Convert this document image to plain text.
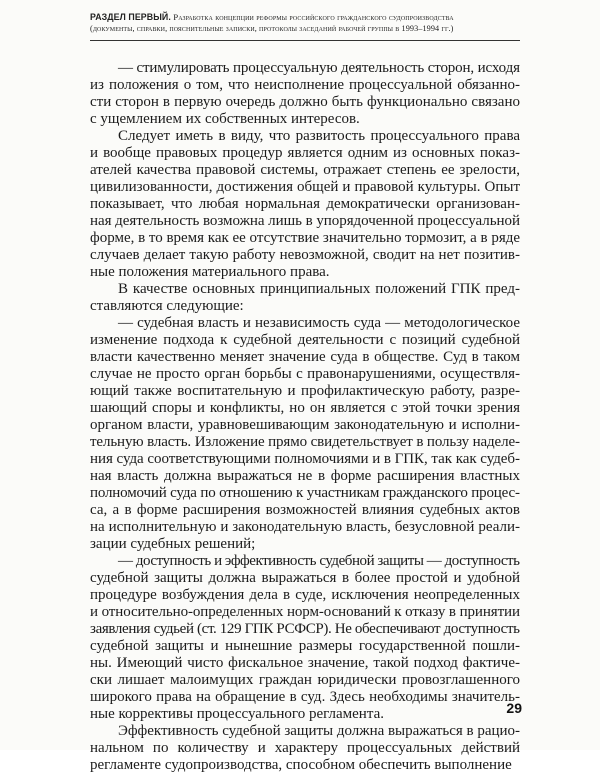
РАЗДЕЛ ПЕРВЫЙ. Разработка концепции реформы российского гражданского судопроизводства
(документы, справки, пояснительные записки, протоколы заседаний рабочей группы в 1993–1994 гг.)
— стимулировать процессуальную деятельность сторон, исходя
из положения о том, что неисполнение процессуальной обязанно-
сти сторон в первую очередь должно быть функционально связано
с ущемлением их собственных интересов.
Следует иметь в виду, что развитость процессуального права
и вообще правовых процедур является одним из основных показ-
ателей качества правовой системы, отражает степень ее зрелости,
цивилизованности, достижения общей и правовой культуры. Опыт
показывает, что любая нормальная демократически организован-
ная деятельность возможна лишь в упорядоченной процессуальной
форме, в то время как ее отсутствие значительно тормозит, а в ряде
случаев делает такую работу невозможной, сводит на нет позитив-
ные положения материального права.
В качестве основных принципиальных положений ГПК пред-
ставляются следующие:
— судебная власть и независимость суда — методологическое
изменение подхода к судебной деятельности с позиций судебной
власти качественно меняет значение суда в обществе. Суд в таком
случае не просто орган борьбы с правонарушениями, осуществля-
ющий также воспитательную и профилактическую работу, разре-
шающий споры и конфликты, но он является с этой точки зрения
органом власти, уравновешивающим законодательную и исполни-
тельную власть. Изложение прямо свидетельствует в пользу наделе-
ния суда соответствующими полномочиями и в ГПК, так как судеб-
ная власть должна выражаться не в форме расширения властных
полномочий суда по отношению к участникам гражданского процес-
са, а в форме расширения возможностей влияния судебных актов
на исполнительную и законодательную власть, безусловной реали-
зации судебных решений;
— доступность и эффективность судебной защиты — доступность
судебной защиты должна выражаться в более простой и удобной
процедуре возбуждения дела в суде, исключения неопределенных
и относительно-определенных норм-оснований к отказу в принятии
заявления судьей (ст. 129 ГПК РСФСР). Не обеспечивают доступность
судебной защиты и нынешние размеры государственной пошли-
ны. Имеющий чисто фискальное значение, такой подход фактиче-
ски лишает малоимущих граждан юридически провозглашенного
широкого права на обращение в суд. Здесь необходимы значитель-
ные коррективы процессуального регламента.
Эффективность судебной защиты должна выражаться в рацио-
нальном по количеству и характеру процессуальных действий
регламенте судопроизводства, способном обеспечить выполнение
29
